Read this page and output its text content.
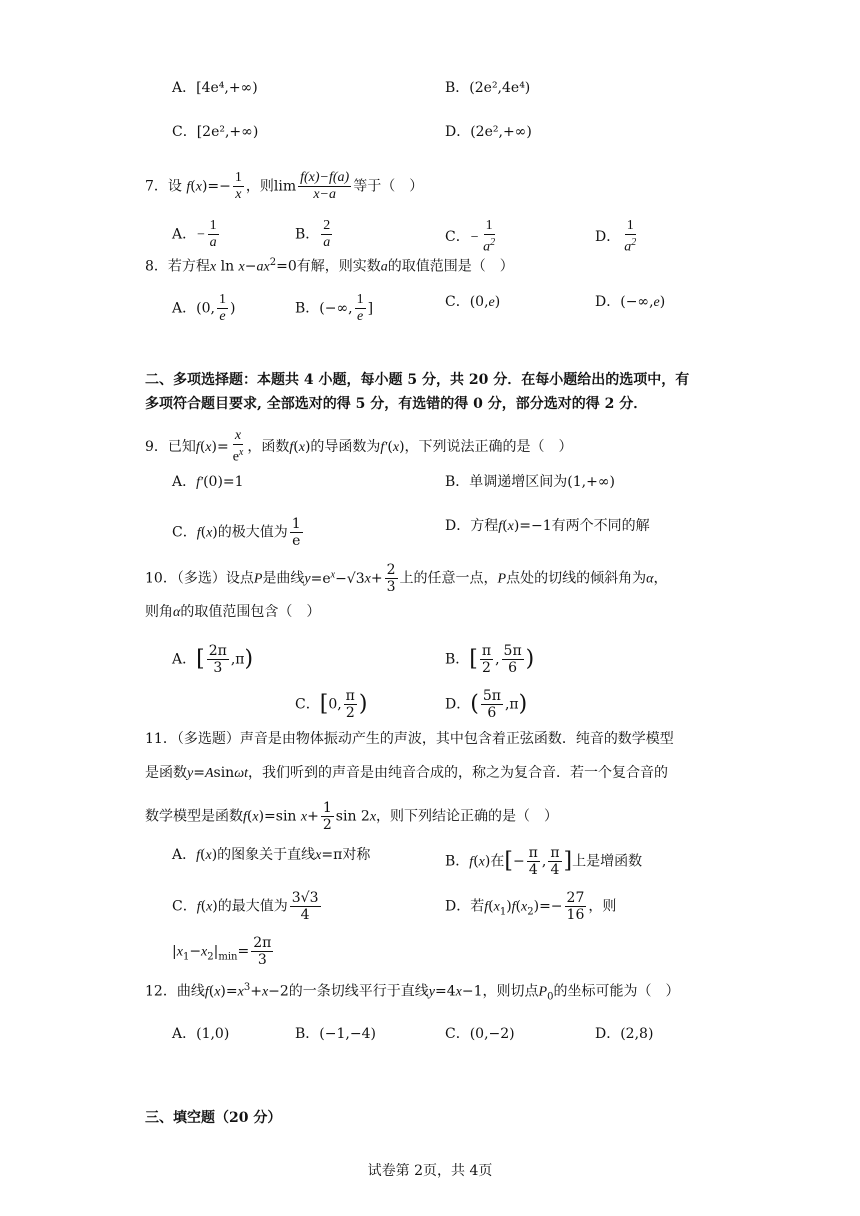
A．[4e⁴,+∞)	B．(2e²,4e⁴)
C．[2e²,+∞)	D．(2e²,+∞)
7．设 $f(x)=- \frac{1}{x}$ ，则$\lim \frac{f(x)-f(a)}{x-a}$ 等于（　）
A．− $\frac{1}{a}$	B． $\frac{2}{a}$	C．− $\frac{1}{a^2}$	D． $\frac{1}{a^2}$
8．若方程x $\ln x-ax^2=0$有解，则实数a的取值范围是（　）
A．(0, $\frac{1}{e}$ )	B．(−∞, $\frac{1}{e}$ ]	C．(0,e)	D．(−∞,e)
二、多项选择题：本题共 4 小题，每小题 5 分，共 20 分．在每小题给出的选项中，有
多项符合题目要求, 全部选对的得 5 分，有选错的得 0 分，部分选对的得 2 分．
9．已知$f(x)= \frac{x}{e^x}$ ，函数f(x)的导函数为f′(x)，下列说法正确的是（　）
A．f′(0)=1	B．单调递增区间为(1,+∞)
C．f(x)的极大值为 $\frac{1}{e}$	D．方程f(x)=−1有两个不同的解
10．（多选）设点P是曲线$y=e^x-√3x+ \frac{2}{3}$ 上的任意一点，P点处的切线的倾斜角为α，
则角α的取值范围包含（　）
A．[ $\frac{2\pi}{3} ,\pi$)	B．[ $\frac{\pi}{2}$ , $\frac{5\pi}{6}$ )
C．[0, $\frac{\pi}{2}$ )	D．( $\frac{5\pi}{6} ,\pi$)
11．（多选题）声音是由物体振动产生的声波，其中包含着正弦函数．纯音的数学模型
是函数y=Asinωt，我们听到的声音是由纯音合成的，称之为复合音．若一个复合音的
数学模型是函数f(x)=sin $x+ \frac{1}{2}$ sin 2x，则下列结论正确的是（　）
A．f(x)的图象关于直线x=π对称	B．f(x)在[− $\frac{\pi}{4}$ , $\frac{\pi}{4}$ ]上是增函数
C．f(x)的最大值为 $\frac{3√3}{4}$	D．若$f(x_1)f(x_2)=- \frac{27}{16}$ ，则
$|x_1-x_2|_{min}= \frac{2\pi}{3}$
12．曲线$f(x)=x^3+x-2$的一条切线平行于直线y=4x−1，则切点$P_0$的坐标可能为（　）
A．(1,0)	B．(−1,−4)	C．(0,−2)	D．(2,8)
三、填空题（20 分）
试卷第 2页，共 4页
